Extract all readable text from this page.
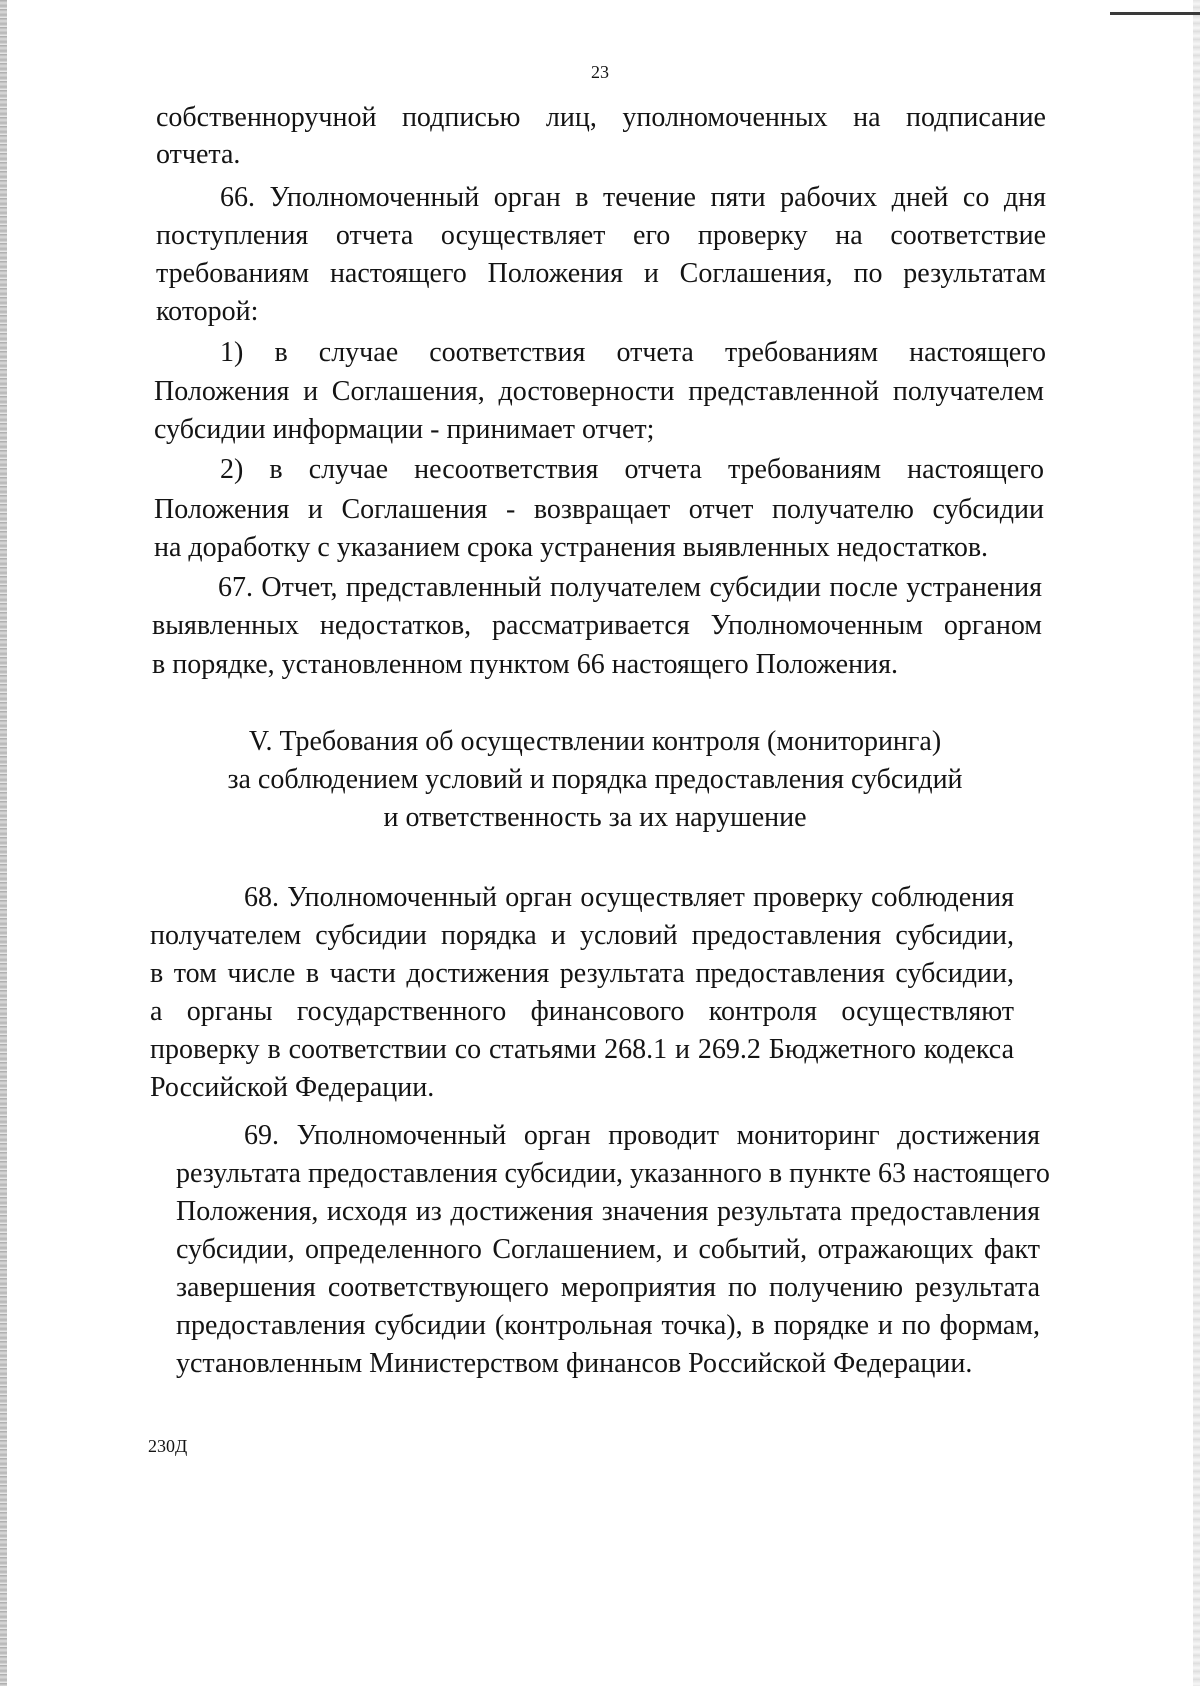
23
собственноручной подписью лиц, уполномоченных на подписание
отчета.
66. Уполномоченный орган в течение пяти рабочих дней со дня
поступления отчета осуществляет его проверку на соответствие
требованиям настоящего Положения и Соглашения, по результатам
которой:
1) в случае соответствия отчета требованиям настоящего
Положения и Соглашения, достоверности представленной получателем
субсидии информации - принимает отчет;
2) в случае несоответствия отчета требованиям настоящего
Положения и Соглашения - возвращает отчет получателю субсидии
на доработку с указанием срока устранения выявленных недостатков.
67. Отчет, представленный получателем субсидии после устранения
выявленных недостатков, рассматривается Уполномоченным органом
в порядке, установленном пунктом 66 настоящего Положения.
V. Требования об осуществлении контроля (мониторинга)
за соблюдением условий и порядка предоставления субсидий
и ответственность за их нарушение
68. Уполномоченный орган осуществляет проверку соблюдения
получателем субсидии порядка и условий предоставления субсидии,
в том числе в части достижения результата предоставления субсидии,
а органы государственного финансового контроля осуществляют
проверку в соответствии со статьями 268.1 и 269.2 Бюджетного кодекса
Российской Федерации.
69. Уполномоченный орган проводит мониторинг достижения
результата предоставления субсидии, указанного в пункте 63 настоящего
Положения, исходя из достижения значения результата предоставления
субсидии, определенного Соглашением, и событий, отражающих факт
завершения соответствующего мероприятия по получению результата
предоставления субсидии (контрольная точка), в порядке и по формам,
установленным Министерством финансов Российской Федерации.
230Д
